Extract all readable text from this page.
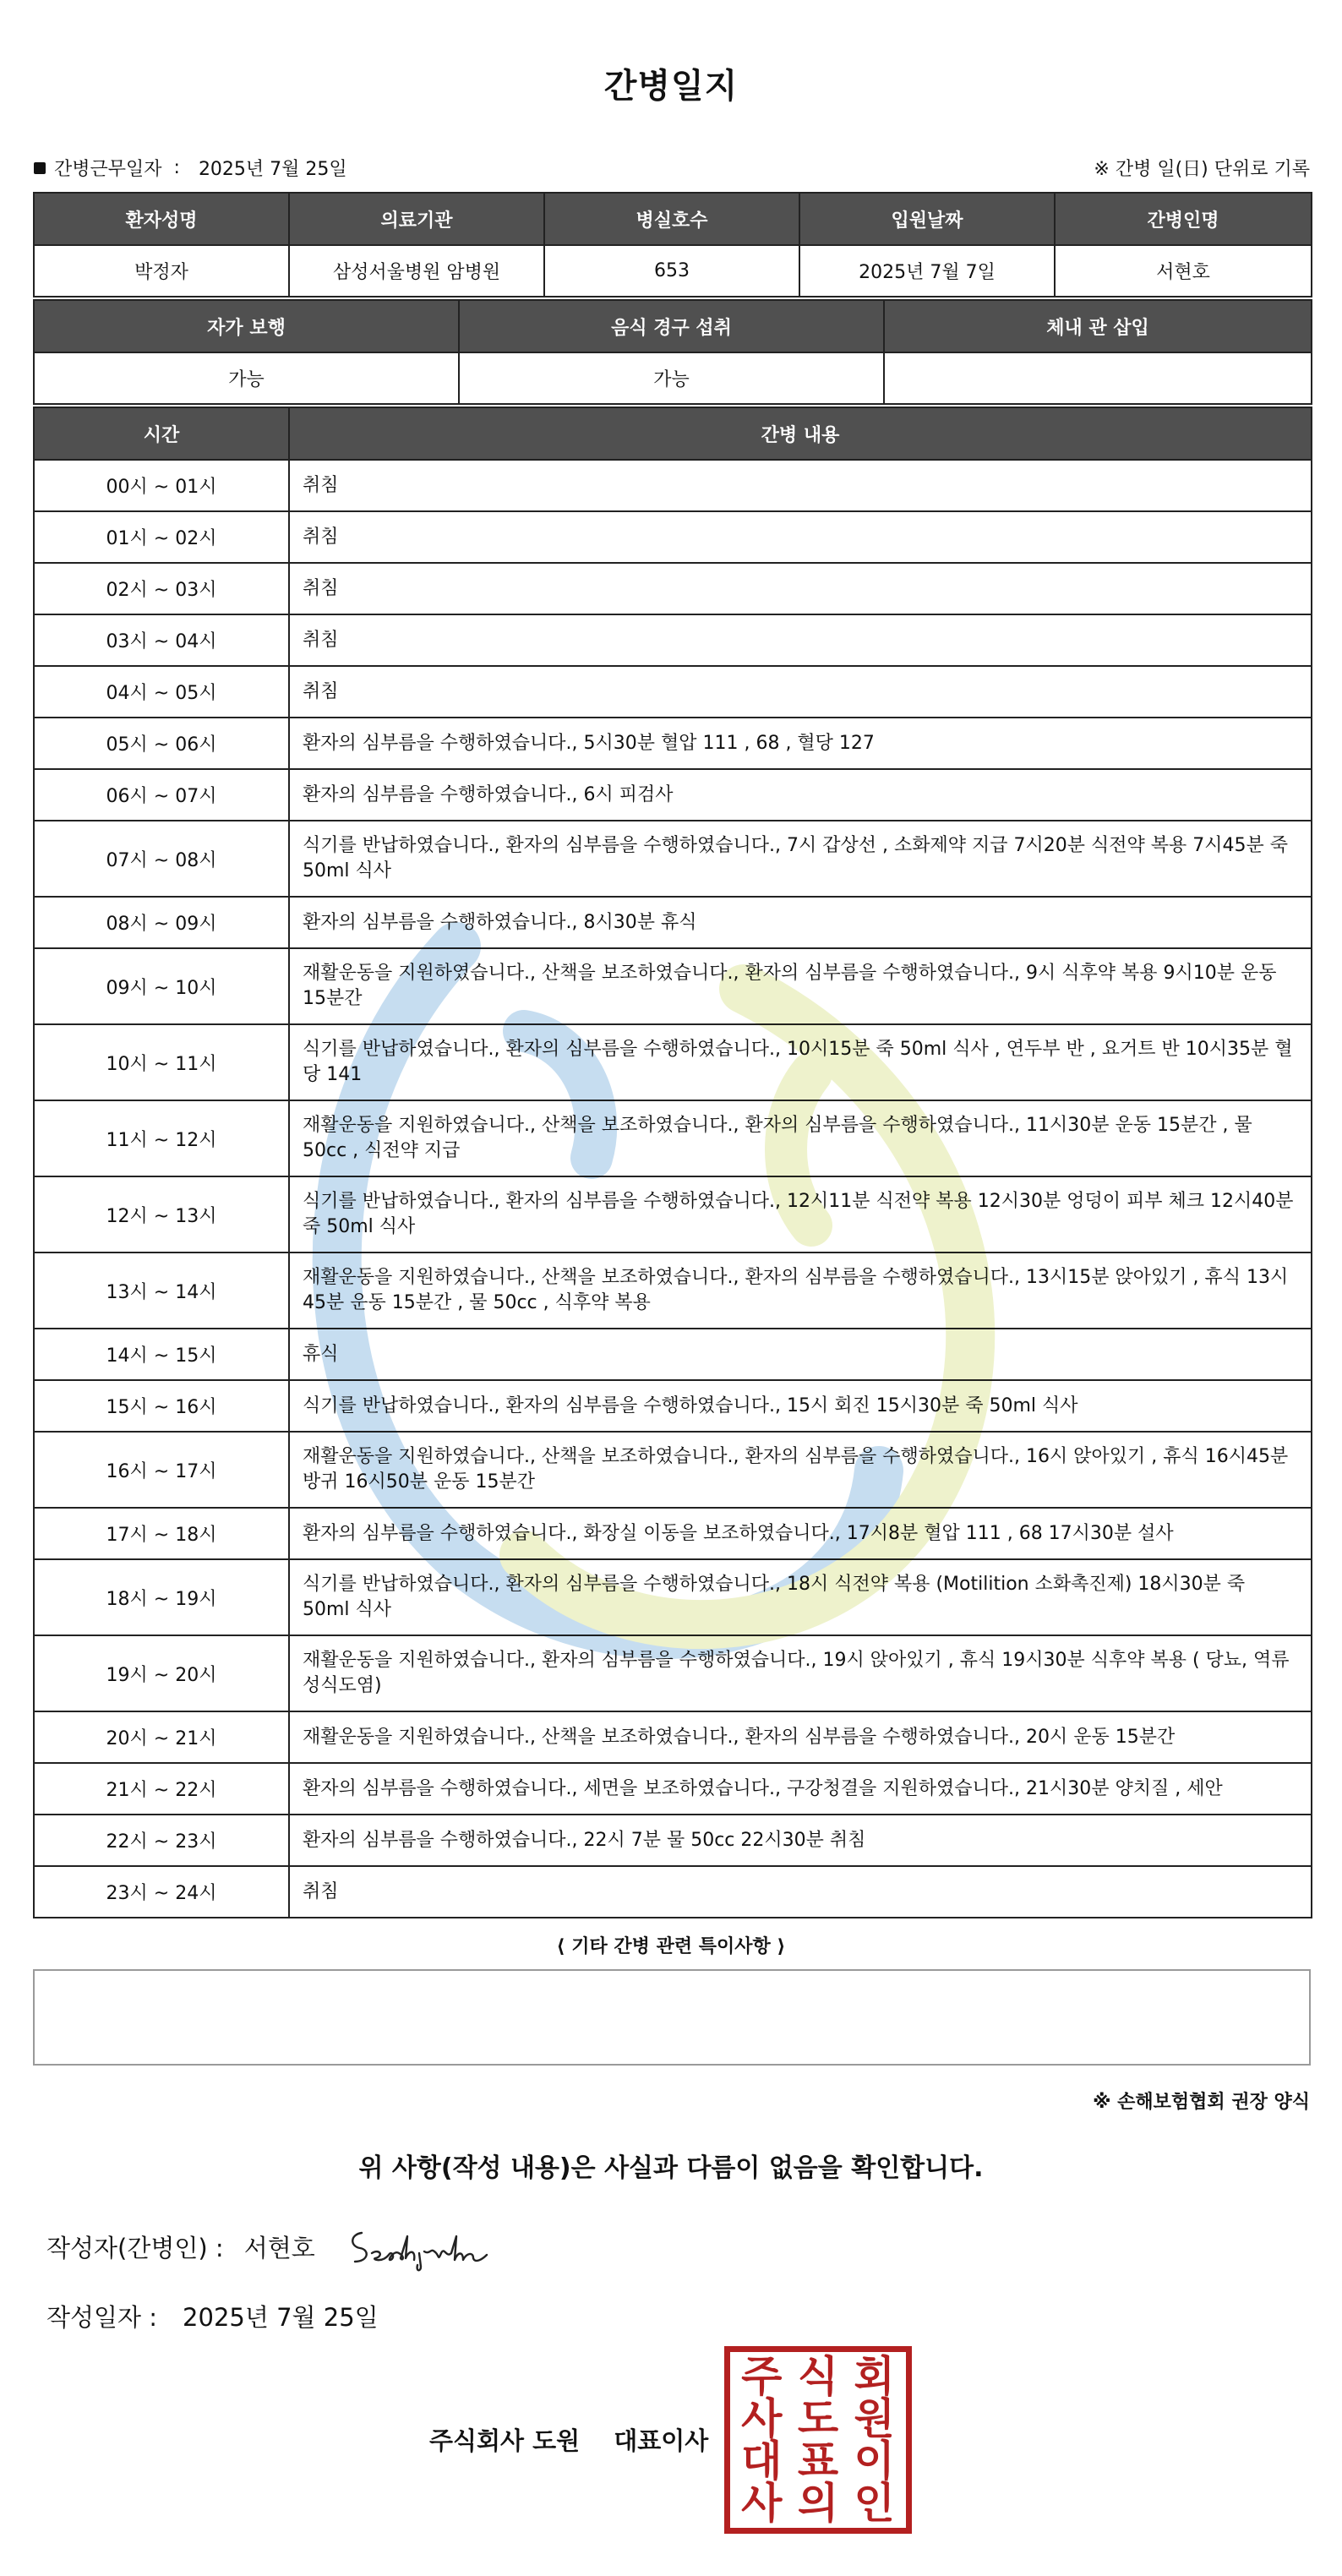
간병일지
간병근무일자 : 2025년 7월 25일	※ 간병 일(日) 단위로 기록
환자성명	의료기관	병실호수	입원날짜	간병인명
박정자	삼성서울병원 암병원	653	2025년 7월 7일	서현호
자가 보행	음식 경구 섭취	체내 관 삽입
가능	가능	
시간	간병 내용
00시 ~ 01시	취침
01시 ~ 02시	취침
02시 ~ 03시	취침
03시 ~ 04시	취침
04시 ~ 05시	취침
05시 ~ 06시	환자의 심부름을 수행하였습니다., 5시30분 혈압 111 , 68 , 혈당 127
06시 ~ 07시	환자의 심부름을 수행하였습니다., 6시 피검사
07시 ~ 08시	식기를 반납하였습니다., 환자의 심부름을 수행하였습니다., 7시 갑상선 , 소화제약 지급 7시20분 식전약 복용 7시45분 죽 50ml 식사
08시 ~ 09시	환자의 심부름을 수행하였습니다., 8시30분 휴식
09시 ~ 10시	재활운동을 지원하였습니다., 산책을 보조하였습니다., 환자의 심부름을 수행하였습니다., 9시 식후약 복용 9시10분 운동 15분간
10시 ~ 11시	식기를 반납하였습니다., 환자의 심부름을 수행하였습니다., 10시15분 죽 50ml 식사 , 연두부 반 , 요거트 반 10시35분 혈당 141
11시 ~ 12시	재활운동을 지원하였습니다., 산책을 보조하였습니다., 환자의 심부름을 수행하였습니다., 11시30분 운동 15분간 , 물 50cc , 식전약 지급
12시 ~ 13시	식기를 반납하였습니다., 환자의 심부름을 수행하였습니다., 12시11분 식전약 복용 12시30분 엉덩이 피부 체크 12시40분 죽 50ml 식사
13시 ~ 14시	재활운동을 지원하였습니다., 산책을 보조하였습니다., 환자의 심부름을 수행하였습니다., 13시15분 앉아있기 , 휴식 13시45분 운동 15분간 , 물 50cc , 식후약 복용
14시 ~ 15시	휴식
15시 ~ 16시	식기를 반납하였습니다., 환자의 심부름을 수행하였습니다., 15시 회진 15시30분 죽 50ml 식사
16시 ~ 17시	재활운동을 지원하였습니다., 산책을 보조하였습니다., 환자의 심부름을 수행하였습니다., 16시 앉아있기 , 휴식 16시45분 방귀 16시50분 운동 15분간
17시 ~ 18시	환자의 심부름을 수행하였습니다., 화장실 이동을 보조하였습니다., 17시8분 혈압 111 , 68 17시30분 설사
18시 ~ 19시	식기를 반납하였습니다., 환자의 심부름을 수행하였습니다., 18시 식전약 복용 (Motilition 소화촉진제) 18시30분 죽 50ml 식사
19시 ~ 20시	재활운동을 지원하였습니다., 환자의 심부름을 수행하였습니다., 19시 앉아있기 , 휴식 19시30분 식후약 복용 ( 당뇨, 역류성식도염)
20시 ~ 21시	재활운동을 지원하였습니다., 산책을 보조하였습니다., 환자의 심부름을 수행하였습니다., 20시 운동 15분간
21시 ~ 22시	환자의 심부름을 수행하였습니다., 세면을 보조하였습니다., 구강청결을 지원하였습니다., 21시30분 양치질 , 세안
22시 ~ 23시	환자의 심부름을 수행하였습니다., 22시 7분 물 50cc 22시30분 취침
23시 ~ 24시	취침
⟨ 기타 간병 관련 특이사항 ⟩
※ 손해보험협회 권장 양식
위 사항(작성 내용)은 사실과 다름이 없음을 확인합니다.
작성자(간병인) : 서현호
작성일자 : 2025년 7월 25일
주식회사 도원 대표이사
주 식 회
사 도 원
대 표 이
사 의 인
